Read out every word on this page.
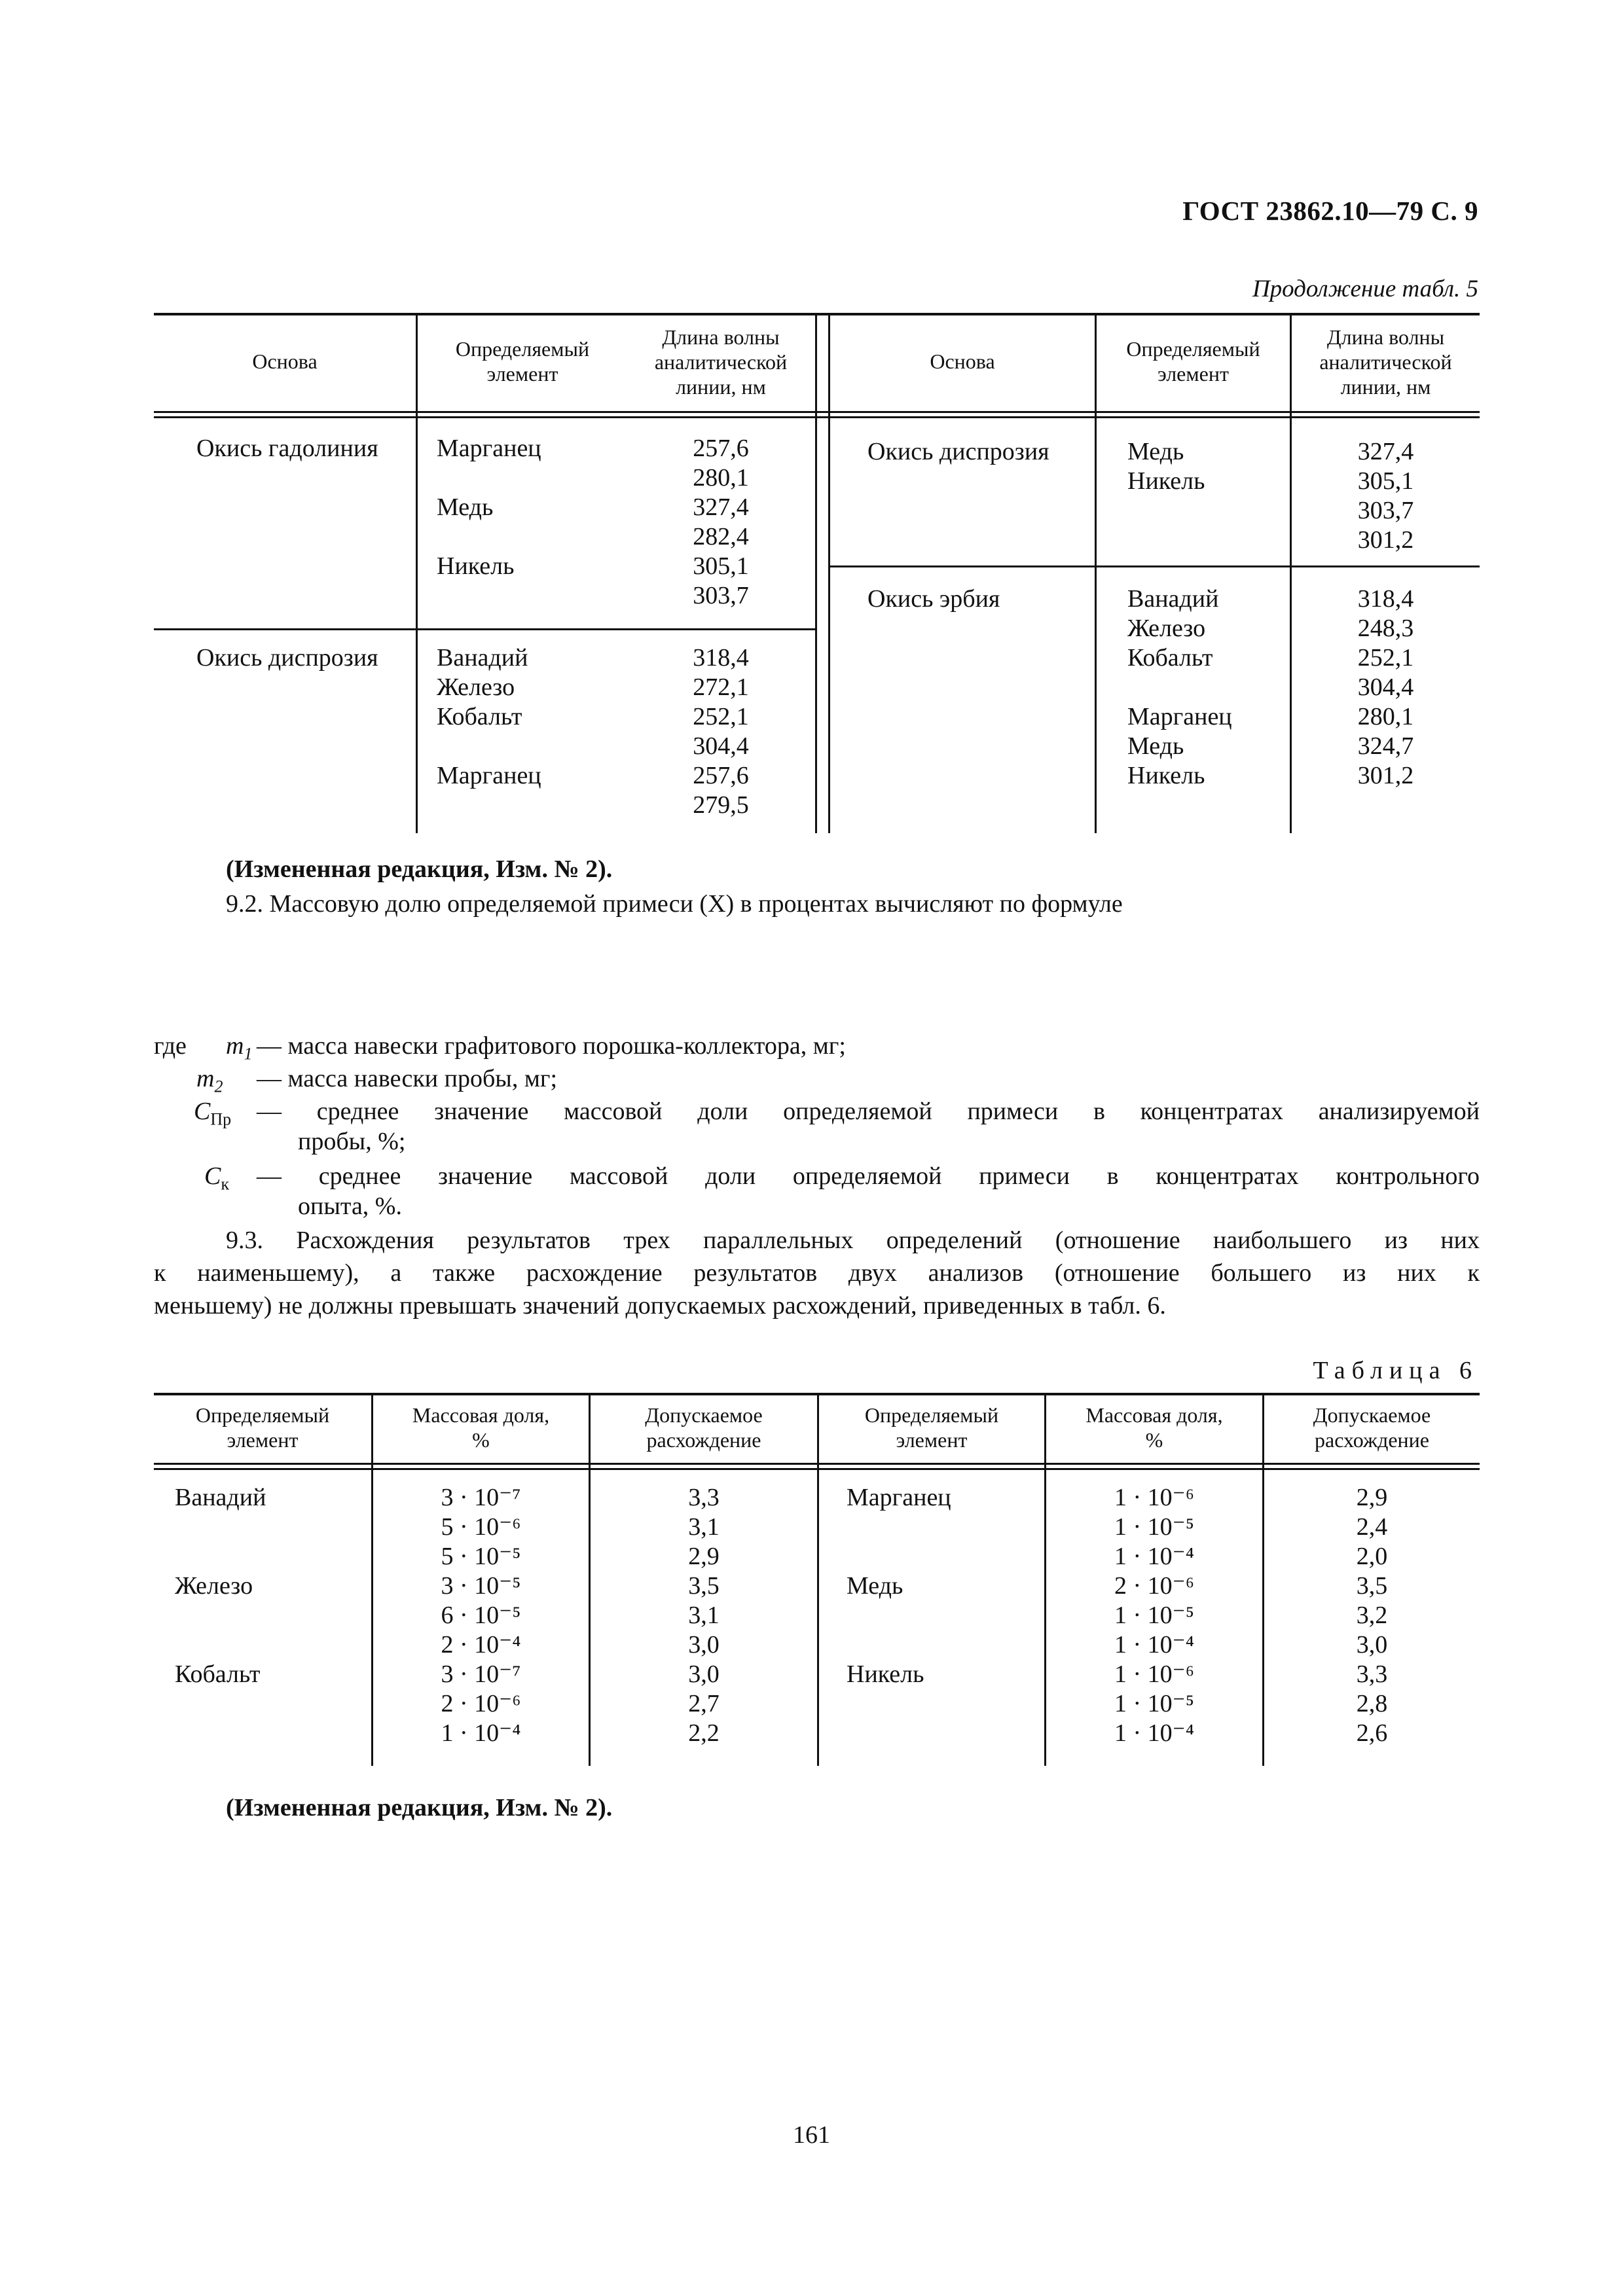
ГОСТ 23862.10—79 С. 9
Продолжение табл. 5
Основа
Определяемый
элемент
Длина волны
аналитической
линии, нм
Основа
Определяемый
элемент
Длина волны
аналитической
линии, нм
Окись гадолиния Марганец

Медь

Никель
257,6
280,1
327,4
282,4
305,1
303,7
Окись диспрозия Ванадий
Железо
Кобальт

Марганец
318,4
272,1
252,1
304,4
257,6
279,5
Окись диспрозия	Медь
Никель
327,4
305,1
303,7
301,2
Окись эрбия	Ванадий
Железо
Кобальт

Марганец
Медь
Никель
318,4
248,3
252,1
304,4
280,1
324,7
301,2
(Измененная редакция, Изм. № 2).
9.2. Массовую долю определяемой примеси (X) в процентах вычисляют по формуле
где $m_1$ — масса навески графитового порошка-коллектора, мг;
$m_2$ — масса навески пробы, мг;
$C_{Пр}$ — среднее значение массовой доли определяемой примеси в концентратах анализируемой
пробы, %;
$C_к$ — среднее значение массовой доли определяемой примеси в концентратах контрольного
опыта, %.
9.3. Расхождения результатов трех параллельных определений (отношение наибольшего из них
к наименьшему), а также расхождение результатов двух анализов (отношение большего из них к
меньшему) не должны превышать значений допускаемых расхождений, приведенных в табл. 6.
Таблица 6
Определяемый
элемент
Массовая доля,
%
Допускаемое
расхождение
Определяемый
элемент
Массовая доля,
%
Допускаемое
расхождение
Ванадий

Железо

Кобальт
3 · 10⁻⁷
5 · 10⁻⁶
5 · 10⁻⁵
3 · 10⁻⁵
6 · 10⁻⁵
2 · 10⁻⁴
3 · 10⁻⁷
2 · 10⁻⁶
1 · 10⁻⁴
3,3
3,1
2,9
3,5
3,1
3,0
3,0
2,7
2,2
Марганец

Медь

Никель
1 · 10⁻⁶
1 · 10⁻⁵
1 · 10⁻⁴
2 · 10⁻⁶
1 · 10⁻⁵
1 · 10⁻⁴
1 · 10⁻⁶
1 · 10⁻⁵
1 · 10⁻⁴
2,9
2,4
2,0
3,5
3,2
3,0
3,3
2,8
2,6
(Измененная редакция, Изм. № 2).
161
